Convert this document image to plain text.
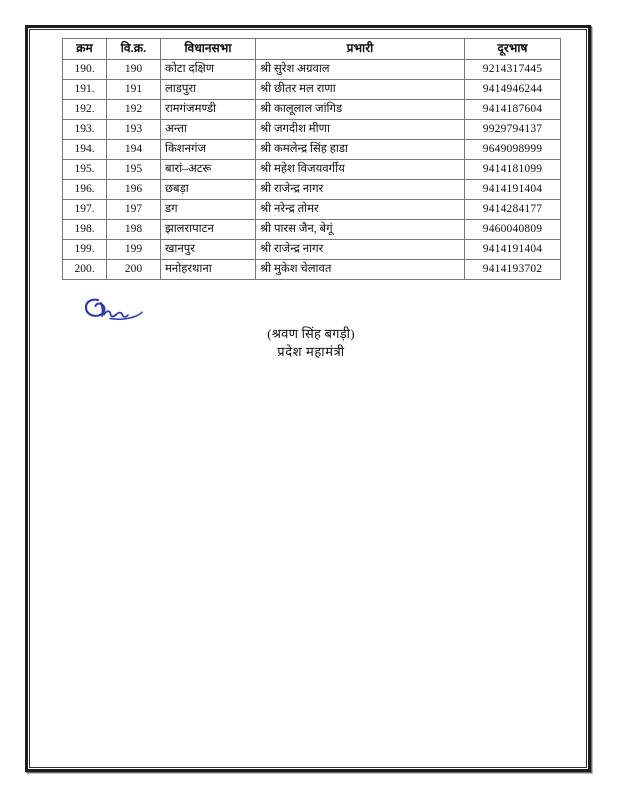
क्रम	वि.क्र.	विधानसभा	प्रभारी	दूरभाष
190.	190	कोटा दक्षिण	श्री सुरेश अग्रवाल	9214317445
191.	191	लाडपुरा	श्री छीतर मल राणा	9414946244
192.	192	रामगंजमण्डी	श्री कालूलाल जांगिड	9414187604
193.	193	अन्ता	श्री जगदीश मीणा	9929794137
194.	194	किशनगंज	श्री कमलेन्द्र सिंह हाडा	9649098999
195.	195	बारां–अटरू	श्री महेश विजयवर्गीय	9414181099
196.	196	छबड़ा	श्री राजेन्द्र नागर	9414191404
197.	197	डग	श्री नरेन्द्र तोमर	9414284177
198.	198	झालरापाटन	श्री पारस जैन, बेगूं	9460040809
199.	199	खानपुर	श्री राजेन्द्र नागर	9414191404
200.	200	मनोहरथाना	श्री मुकेश चेलावत	9414193702
(श्रवण सिंह बगड़ी)
प्रदेश महामंत्री
